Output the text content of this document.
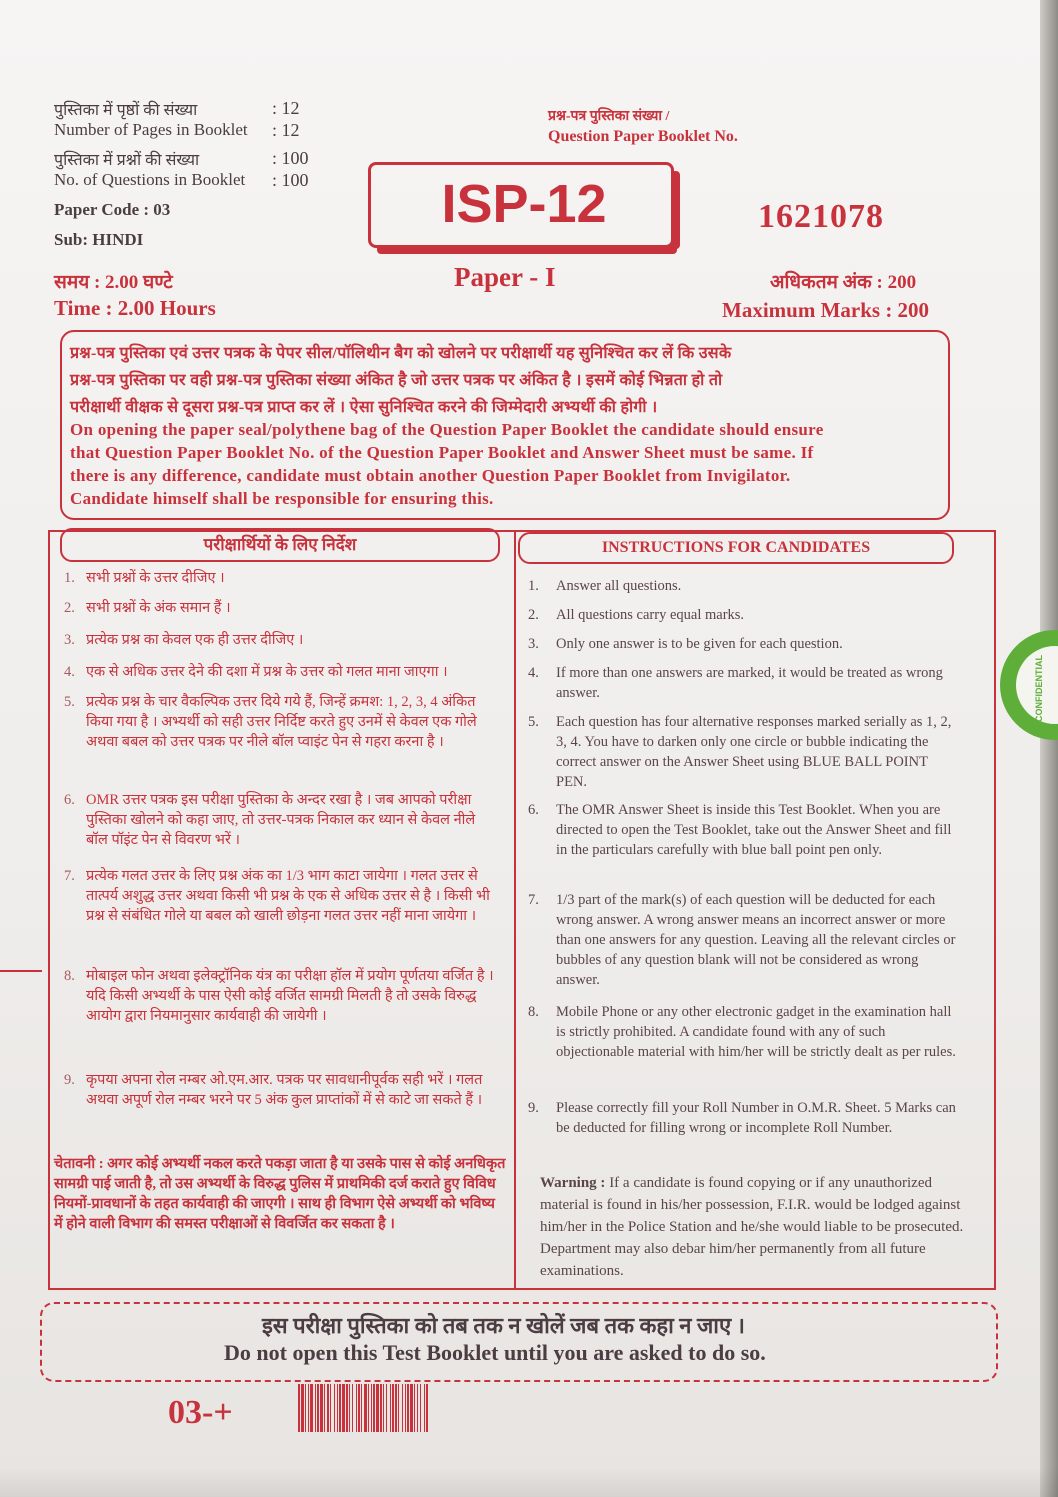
पुस्तिका में पृष्ठों की संख्या	: 12
Number of Pages in Booklet : 12
पुस्तिका में प्रश्नों की संख्या	: 100
No. of Questions in Booklet : 100
Paper Code : 03
Sub: HINDI
प्रश्न-पत्र पुस्तिका संख्या /
Question Paper Booklet No.
1621078
ISP-12
Paper - I
समय : 2.00 घण्टे
Time : 2.00 Hours
अधिकतम अंक : 200
Maximum Marks : 200
प्रश्न-पत्र पुस्तिका एवं उत्तर पत्रक के पेपर सील/पॉलिथीन बैग को खोलने पर परीक्षार्थी यह सुनिश्चित कर लें कि उसके
प्रश्न-पत्र पुस्तिका पर वही प्रश्न-पत्र पुस्तिका संख्या अंकित है जो उत्तर पत्रक पर अंकित है । इसमें कोई भिन्नता हो तो
परीक्षार्थी वीक्षक से दूसरा प्रश्न-पत्र प्राप्त कर लें । ऐसा सुनिश्चित करने की जिम्मेदारी अभ्यर्थी की होगी ।
On opening the paper seal/polythene bag of the Question Paper Booklet the candidate should ensure
that Question Paper Booklet No. of the Question Paper Booklet and Answer Sheet must be same. If
there is any difference, candidate must obtain another Question Paper Booklet from Invigilator.
Candidate himself shall be responsible for ensuring this.
परीक्षार्थियों के लिए निर्देश
1. सभी प्रश्नों के उत्तर दीजिए ।
2. सभी प्रश्नों के अंक समान हैं ।
3. प्रत्येक प्रश्न का केवल एक ही उत्तर दीजिए ।
4. एक से अधिक उत्तर देने की दशा में प्रश्न के उत्तर को गलत माना जाएगा ।
5. प्रत्येक प्रश्न के चार वैकल्पिक उत्तर दिये गये हैं, जिन्हें क्रमश: 1, 2, 3, 4 अंकित किया गया है । अभ्यर्थी को सही उत्तर निर्दिष्ट करते हुए उनमें से केवल एक गोले अथवा बबल को उत्तर पत्रक पर नीले बॉल प्वाइंट पेन से गहरा करना है ।
6. OMR उत्तर पत्रक इस परीक्षा पुस्तिका के अन्दर रखा है । जब आपको परीक्षा पुस्तिका खोलने को कहा जाए, तो उत्तर-पत्रक निकाल कर ध्यान से केवल नीले बॉल पॉइंट पेन से विवरण भरें ।
7. प्रत्येक गलत उत्तर के लिए प्रश्न अंक का 1/3 भाग काटा जायेगा । गलत उत्तर से तात्पर्य अशुद्ध उत्तर अथवा किसी भी प्रश्न के एक से अधिक उत्तर से है । किसी भी प्रश्न से संबंधित गोले या बबल को खाली छोड़ना गलत उत्तर नहीं माना जायेगा ।
8. मोबाइल फोन अथवा इलेक्ट्रॉनिक यंत्र का परीक्षा हॉल में प्रयोग पूर्णतया वर्जित है । यदि किसी अभ्यर्थी के पास ऐसी कोई वर्जित सामग्री मिलती है तो उसके विरुद्ध आयोग द्वारा नियमानुसार कार्यवाही की जायेगी ।
9. कृपया अपना रोल नम्बर ओ.एम.आर. पत्रक पर सावधानीपूर्वक सही भरें । गलत अथवा अपूर्ण रोल नम्बर भरने पर 5 अंक कुल प्राप्तांकों में से काटे जा सकते हैं ।
चेतावनी : अगर कोई अभ्यर्थी नकल करते पकड़ा जाता है या उसके पास से कोई अनधिकृत सामग्री पाई जाती है, तो उस अभ्यर्थी के विरुद्ध पुलिस में प्राथमिकी दर्ज कराते हुए विविध नियमों-प्रावधानों के तहत कार्यवाही की जाएगी । साथ ही विभाग ऐसे अभ्यर्थी को भविष्य में होने वाली विभाग की समस्त परीक्षाओं से विवर्जित कर सकता है ।
INSTRUCTIONS FOR CANDIDATES
1. Answer all questions.
2. All questions carry equal marks.
3. Only one answer is to be given for each question.
4. If more than one answers are marked, it would be treated as wrong answer.
5. Each question has four alternative responses marked serially as 1, 2, 3, 4. You have to darken only one circle or bubble indicating the correct answer on the Answer Sheet using BLUE BALL POINT PEN.
6. The OMR Answer Sheet is inside this Test Booklet. When you are directed to open the Test Booklet, take out the Answer Sheet and fill in the particulars carefully with blue ball point pen only.
7. 1/3 part of the mark(s) of each question will be deducted for each wrong answer. A wrong answer means an incorrect answer or more than one answers for any question. Leaving all the relevant circles or bubbles of any question blank will not be considered as wrong answer.
8. Mobile Phone or any other electronic gadget in the examination hall is strictly prohibited. A candidate found with any of such objectionable material with him/her will be strictly dealt as per rules.
9. Please correctly fill your Roll Number in O.M.R. Sheet. 5 Marks can be deducted for filling wrong or incomplete Roll Number.
Warning : If a candidate is found copying or if any unauthorized material is found in his/her possession, F.I.R. would be lodged against him/her in the Police Station and he/she would liable to be prosecuted. Department may also debar him/her permanently from all future examinations.
इस परीक्षा पुस्तिका को तब तक न खोलें जब तक कहा न जाए ।
Do not open this Test Booklet until you are asked to do so.
03-+
CONFIDENTIAL
